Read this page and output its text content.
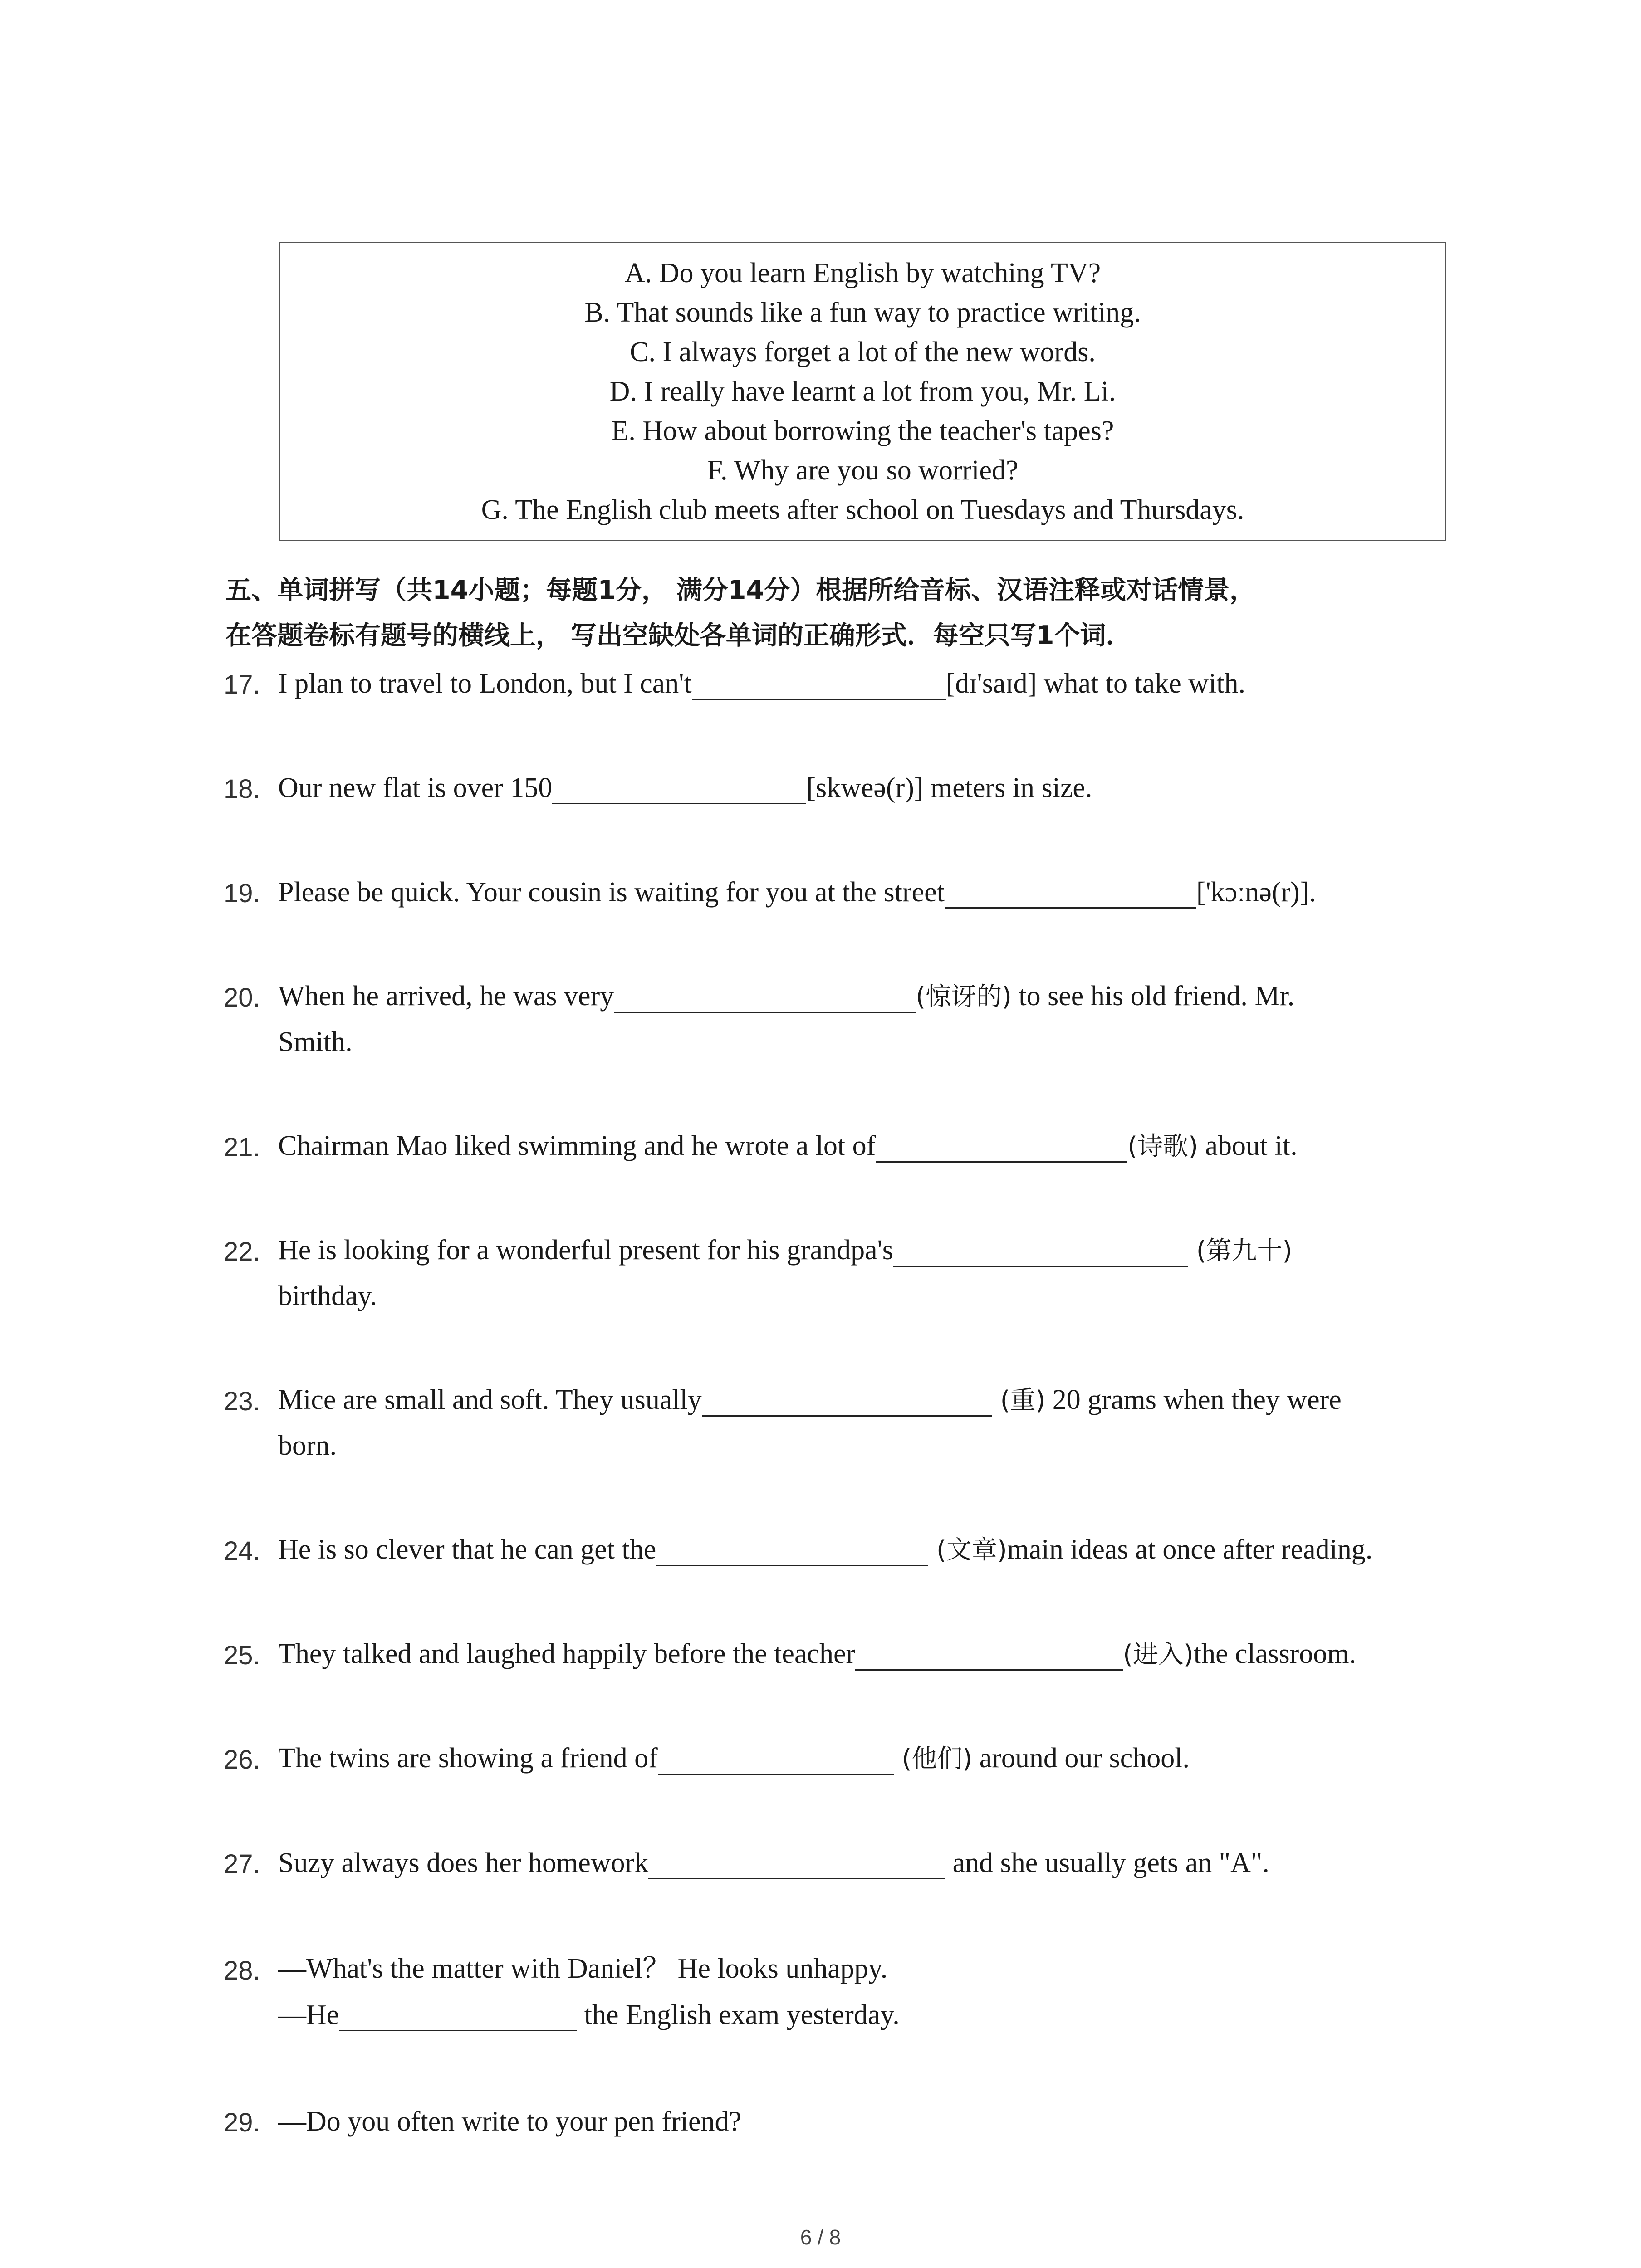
A. Do you learn English by watching TV?
B. That sounds like a fun way to practice writing.
C. I always forget a lot of the new words.
D. I really have learnt a lot from you, Mr. Li.
E. How about borrowing the teacher's tapes?
F. Why are you so worried?
G. The English club meets after school on Tuesdays and Thursdays.
五、单词拼写（共14小题；每题1分， 满分14分）根据所给音标、汉语注释或对话情景，
在答题卷标有题号的横线上， 写出空缺处各单词的正确形式．每空只写1个词．
17. I plan to travel to London, but I can't	[dɪ'saɪd] what to take with.
18. Our new flat is over 150	[skweə(r)] meters in size.
19. Please be quick. Your cousin is waiting for you at the street	['kɔːnə(r)].
20. When he arrived, he was very	(惊讶的) to see his old friend. Mr.
Smith.
21. Chairman Mao liked swimming and he wrote a lot of	(诗歌) about it.
22. He is looking for a wonderful present for his grandpa's	(第九十)
birthday.
23. Mice are small and soft. They usually	(重) 20 grams when they were
born.
24. He is so clever that he can get the	(文章)main ideas at once after reading.
25. They talked and laughed happily before the teacher	(进入)the classroom.
26. The twins are showing a friend of	(他们) around our school.
27. Suzy always does her homework	and she usually gets an "A".
28. —What's the matter with Daniel？ He looks unhappy.
—He	the English exam yesterday.
29. —Do you often write to your pen friend?
6 / 8
